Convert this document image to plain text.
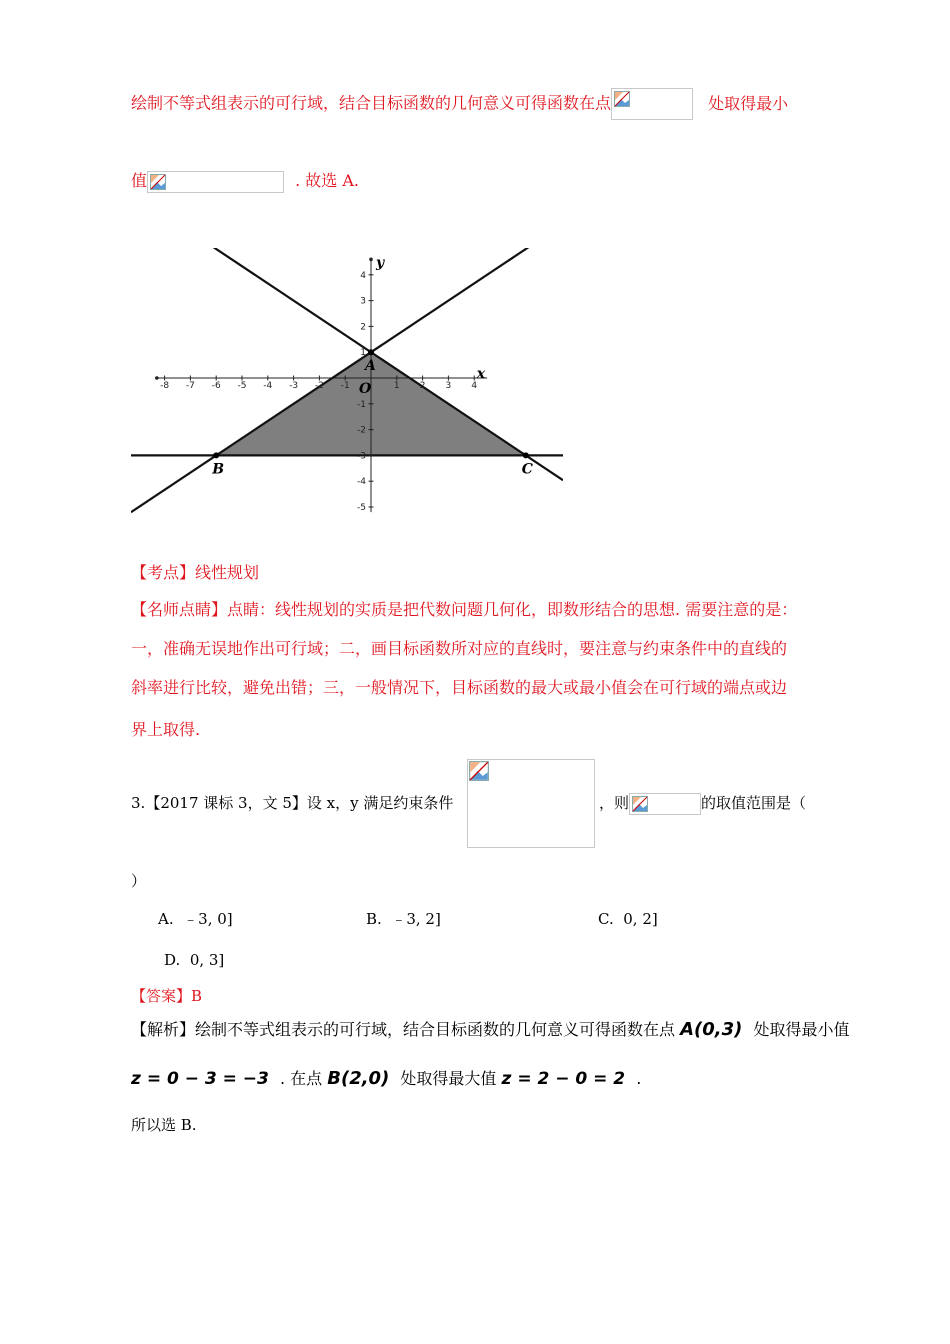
绘制不等式组表示的可行域，结合目标函数的几何意义可得函数在点	处取得最小
值	. 故选 A.
x
y
O
-8 -7 -6 -5 -4 -3 -2 -1	1 2 3 4
4
3
2
1
-1
-2
-3
-4
-5
A
B	C
【考点】线性规划
【名师点睛】点睛：线性规划的实质是把代数问题几何化，即数形结合的思想. 需要注意的是：
一，准确无误地作出可行域；二，画目标函数所对应的直线时，要注意与约束条件中的直线的
斜率进行比较，避免出错；三，一般情况下，目标函数的最大或最小值会在可行域的端点或边
界上取得.
3.【2017 课标 3，文 5】设 x，y 满足约束条件	，则	的取值范围是（
）
A. ﹣3, 0]	B. ﹣3, 2]	C. 0, 2]
D. 0, 3]
【答案】B
【解析】绘制不等式组表示的可行域，结合目标函数的几何意义可得函数在点 A(0,3) 处取得最小值
z = 0 − 3 = −3 . 在点 B(2,0) 处取得最大值 z = 2 − 0 = 2 .
所以选 B.
